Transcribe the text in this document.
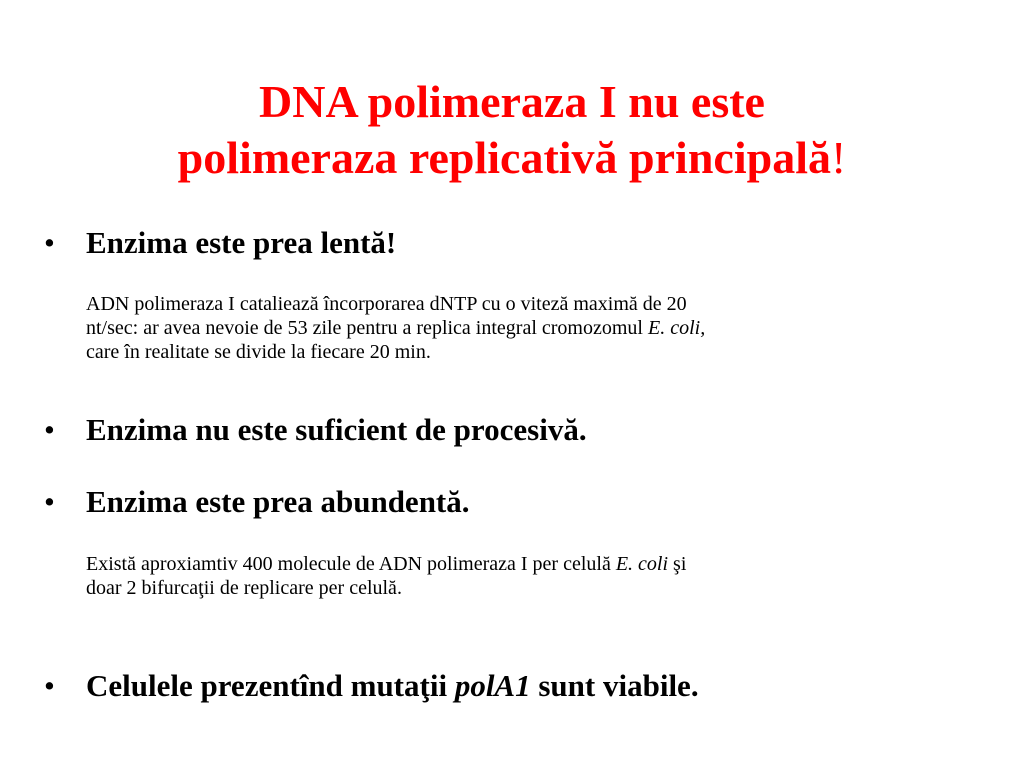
DNA polimeraza I nu este
polimeraza replicativă principală!
•	Enzima este prea lentă!
ADN polimeraza I cataliează încorporarea dNTP cu o viteză maximă de 20
nt/sec: ar avea nevoie de 53 zile pentru a replica integral cromozomul E. coli,
care în realitate se divide la fiecare 20 min.
•	Enzima nu este suficient de procesivă.
•	Enzima este prea abundentă.
Există aproxiamtiv 400 molecule de ADN polimeraza I per celulă E. coli şi
doar 2 bifurcaţii de replicare per celulă.
•	Celulele prezentînd mutaţii polA1 sunt viabile.
